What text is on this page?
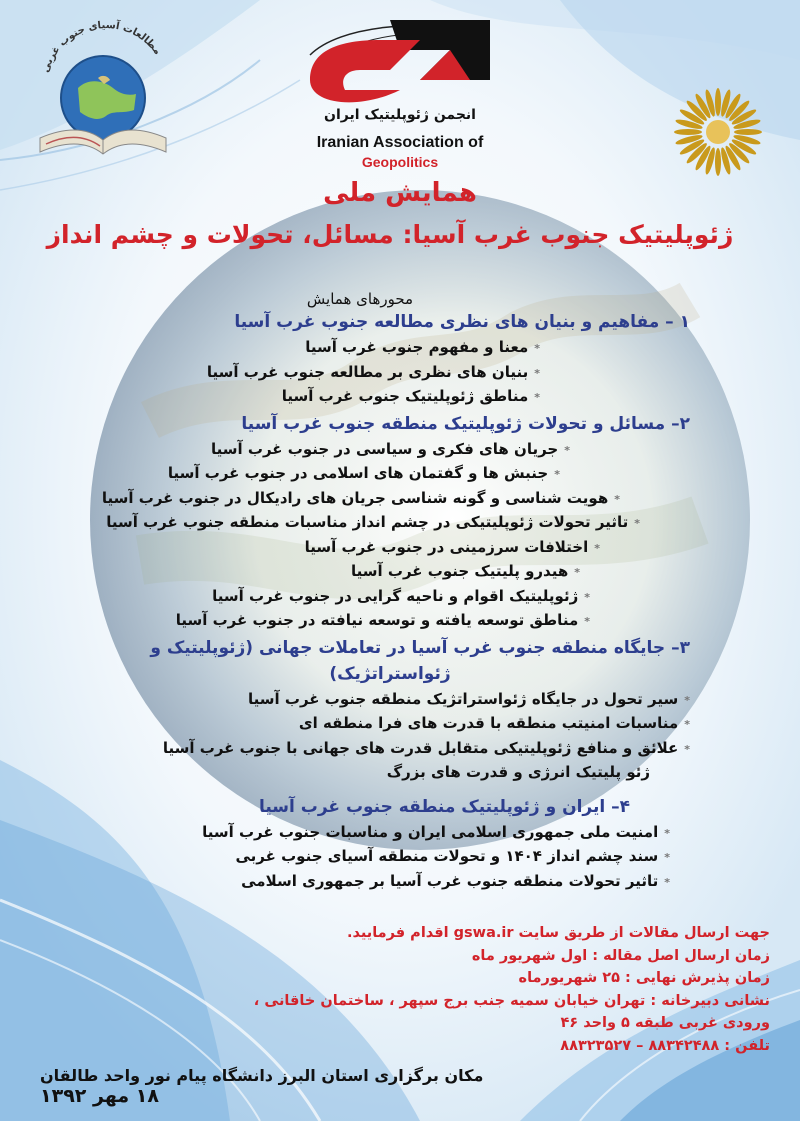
مطالعات آسیای جنوب غربی
انجمن ژئوپلیتیک ایران
Iranian Association of
Geopolitics
همایش ملی
ژئوپلیتیک جنوب غرب آسیا: مسائل، تحولات و چشم انداز
محورهای همایش
۱ – مفاهیم و بنیان های نظری مطالعه جنوب غرب آسیا
*معنا و مفهوم جنوب غرب آسیا
*بنیان های نظری بر مطالعه جنوب غرب آسیا
*مناطق ژئوپلیتیک جنوب غرب آسیا
۲– مسائل و تحولات ژئوپلیتیک منطقه جنوب غرب آسیا
*جریان های فکری و سیاسی در جنوب غرب آسیا
*جنبش ها و گفتمان های اسلامی در جنوب غرب آسیا
*هویت شناسی و گونه شناسی جریان های رادیکال در جنوب غرب آسیا
*تاثیر تحولات ژئوپلیتیکی در چشم انداز مناسبات منطقه جنوب غرب آسیا
*اختلافات سرزمینی در جنوب غرب آسیا
*هیدرو پلیتیک جنوب غرب آسیا
*ژئوپلیتیک اقوام و ناحیه گرایی در جنوب غرب آسیا
*مناطق توسعه یافته و توسعه نیافته در جنوب غرب آسیا
۳– جایگاه منطقه جنوب غرب آسیا در تعاملات جهانی (ژئوپلیتیک و
ژئواستراتژیک)
*سیر تحول در جایگاه ژئواستراتژیک منطقه جنوب غرب آسیا
*مناسبات امنیتب منطقه با قدرت های فرا منطقه ای
*علائق و منافع ژئوپلیتیکی متقابل قدرت های جهانی با جنوب غرب آسیا
ژئو پلیتیک انرژی و قدرت های بزرگ
۴– ایران و ژئوپلیتیک منطقه جنوب غرب آسیا
*امنیت ملی جمهوری اسلامی ایران و مناسبات جنوب غرب آسیا
*سند چشم انداز ۱۴۰۴ و تحولات منطقه آسیای جنوب غربی
*تاثیر تحولات منطقه جنوب غرب آسیا بر جمهوری اسلامی
جهت ارسال مقالات از طریق سایت gswa.ir اقدام فرمایید.
زمان ارسال اصل مقاله : اول شهریور ماه
زمان پذیرش نهایی : ۲۵ شهریورماه
نشانی دبیرخانه : تهران خیابان سمیه جنب برج سپهر ، ساختمان خاقانی ،
ورودی غربی طبقه ۵ واحد ۴۶
تلفن : ۸۸۳۴۲۴۸۸ – ۸۸۳۲۳۵۲۷
مکان برگزاری استان البرز دانشگاه پیام نور واحد طالقان
۱۸ مهر ۱۳۹۲
